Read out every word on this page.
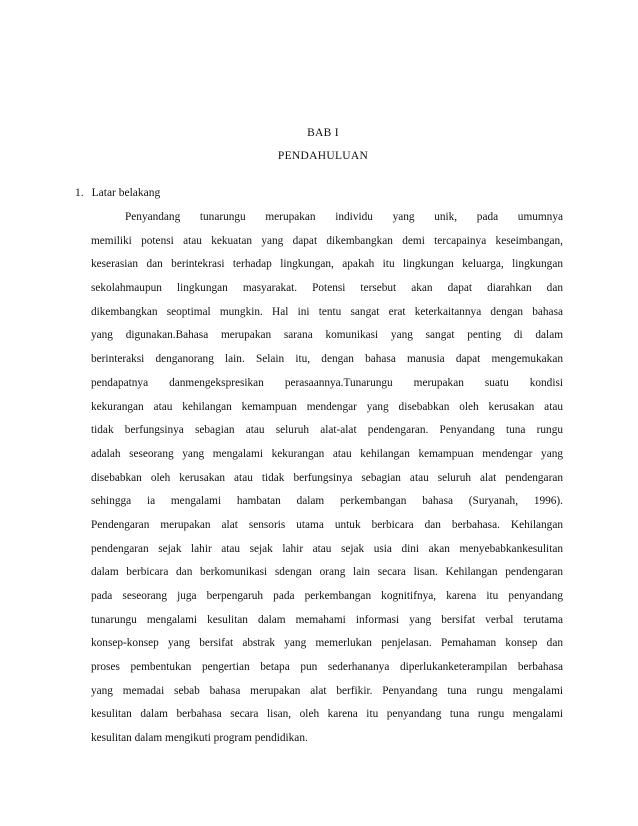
BAB I
PENDAHULUAN
1. Latar belakang
Penyandang tunarungu merupakan individu yang unik, pada umumnya
memiliki potensi atau kekuatan yang dapat dikembangkan demi tercapainya keseimbangan,
keserasian dan berintekrasi terhadap lingkungan, apakah itu lingkungan keluarga, lingkungan
sekolahmaupun lingkungan masyarakat. Potensi tersebut akan dapat diarahkan dan
dikembangkan seoptimal mungkin. Hal ini tentu sangat erat keterkaitannya dengan bahasa
yang digunakan.Bahasa merupakan sarana komunikasi yang sangat penting di dalam
berinteraksi denganorang lain. Selain itu, dengan bahasa manusia dapat mengemukakan
pendapatnya danmengekspresikan perasaannya.Tunarungu merupakan suatu kondisi
kekurangan atau kehilangan kemampuan mendengar yang disebabkan oleh kerusakan atau
tidak berfungsinya sebagian atau seluruh alat-alat pendengaran. Penyandang tuna rungu
adalah seseorang yang mengalami kekurangan atau kehilangan kemampuan mendengar yang
disebabkan oleh kerusakan atau tidak berfungsinya sebagian atau seluruh alat pendengaran
sehingga ia mengalami hambatan dalam perkembangan bahasa (Suryanah, 1996).
Pendengaran merupakan alat sensoris utama untuk berbicara dan berbahasa. Kehilangan
pendengaran sejak lahir atau sejak lahir atau sejak usia dini akan menyebabkankesulitan
dalam berbicara dan berkomunikasi sdengan orang lain secara lisan. Kehilangan pendengaran
pada seseorang juga berpengaruh pada perkembangan kognitifnya, karena itu penyandang
tunarungu mengalami kesulitan dalam memahami informasi yang bersifat verbal terutama
konsep-konsep yang bersifat abstrak yang memerlukan penjelasan. Pemahaman konsep dan
proses pembentukan pengertian betapa pun sederhananya diperlukanketerampilan berbahasa
yang memadai sebab bahasa merupakan alat berfikir. Penyandang tuna rungu mengalami
kesulitan dalam berbahasa secara lisan, oleh karena itu penyandang tuna rungu mengalami
kesulitan dalam mengikuti program pendidikan.
